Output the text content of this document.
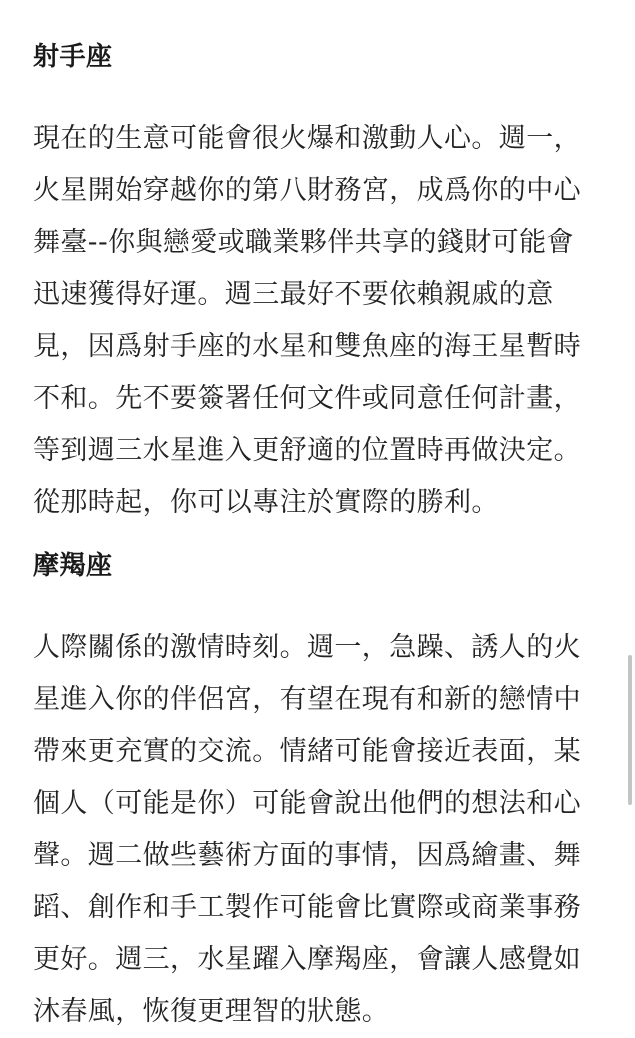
射手座
現在的生意可能會很火爆和激動人心。週一，
火星開始穿越你的第八財務宮，成爲你的中心
舞臺--你與戀愛或職業夥伴共享的錢財可能會
迅速獲得好運。週三最好不要依賴親戚的意
見，因爲射手座的水星和雙魚座的海王星暫時
不和。先不要簽署任何文件或同意任何計畫，
等到週三水星進入更舒適的位置時再做決定。
從那時起，你可以專注於實際的勝利。
摩羯座
人際關係的激情時刻。週一，急躁、誘人的火
星進入你的伴侶宮，有望在現有和新的戀情中
帶來更充實的交流。情緒可能會接近表面，某
個人（可能是你）可能會說出他們的想法和心
聲。週二做些藝術方面的事情，因爲繪畫、舞
蹈、創作和手工製作可能會比實際或商業事務
更好。週三，水星躍入摩羯座，會讓人感覺如
沐春風，恢復更理智的狀態。
